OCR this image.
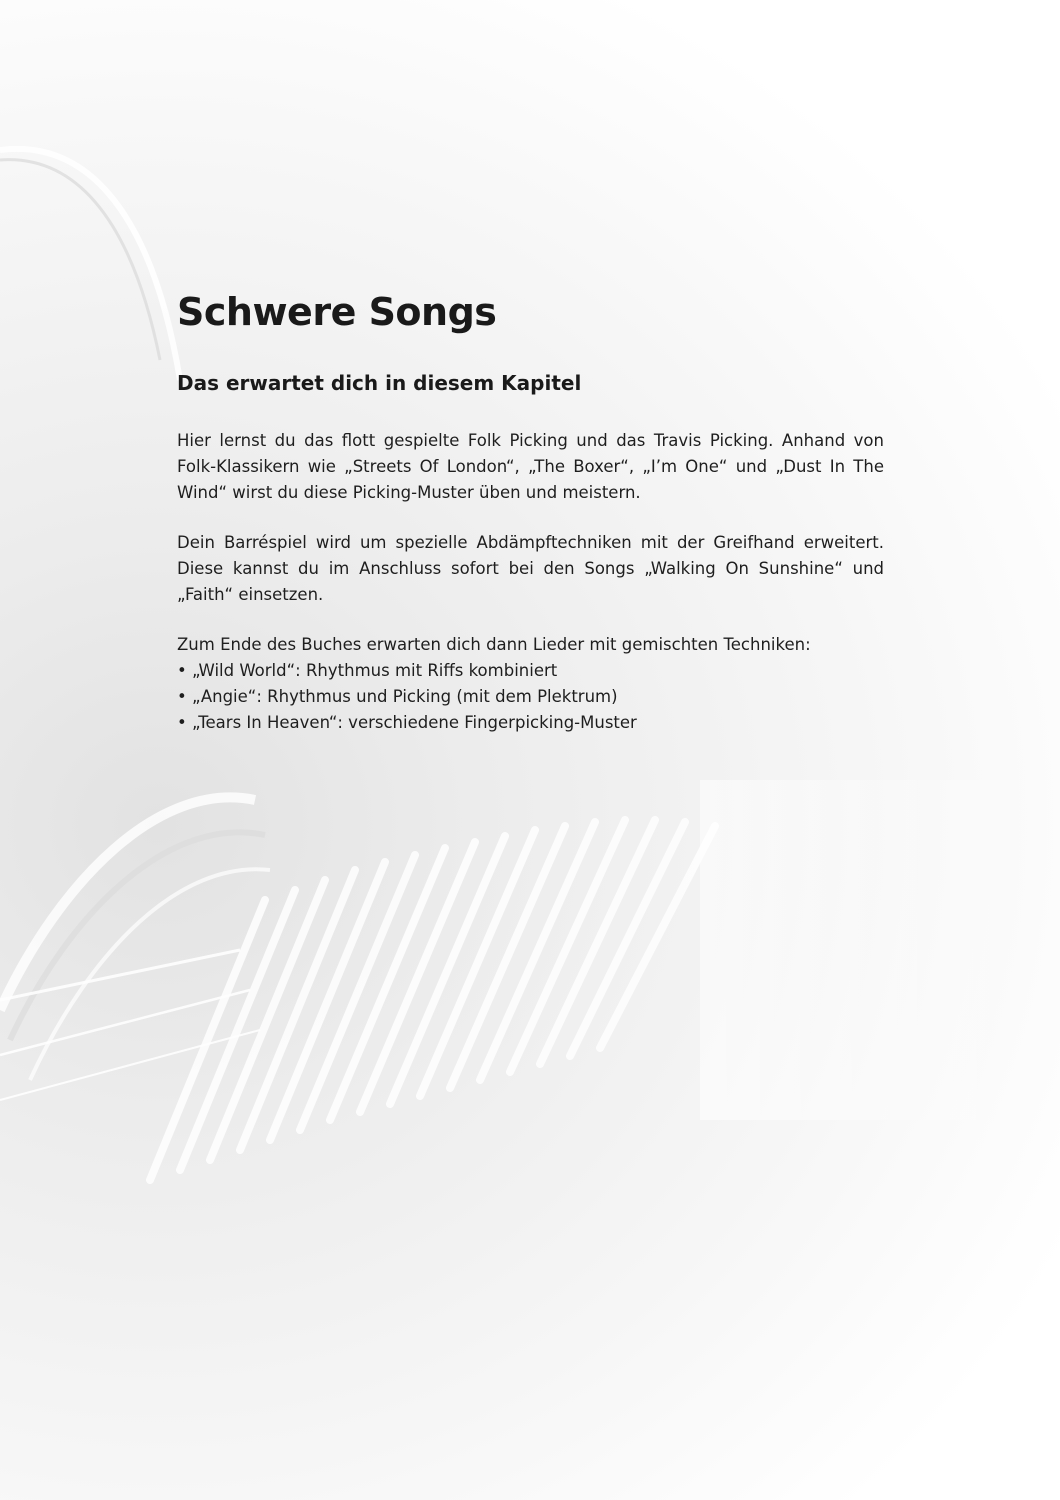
Schwere Songs
Das erwartet dich in diesem Kapitel

Hier lernst du das flott gespielte Folk Picking und das Travis Picking. Anhand von Folk-Klassikern wie „Streets Of London“, „The Boxer“, „I’m One“ und „Dust In The Wind“ wirst du diese Picking-Muster üben und meistern.

Dein Barréspiel wird um spezielle Abdämpftechniken mit der Greifhand erweitert. Diese kannst du im Anschluss sofort bei den Songs „Walking On Sunshine“ und „Faith“ einsetzen.

Zum Ende des Buches erwarten dich dann Lieder mit gemischten Techniken:

• „Wild World“: Rhythmus mit Riffs kombiniert
• „Angie“: Rhythmus und Picking (mit dem Plektrum)
• „Tears In Heaven“: verschiedene Fingerpicking-Muster
